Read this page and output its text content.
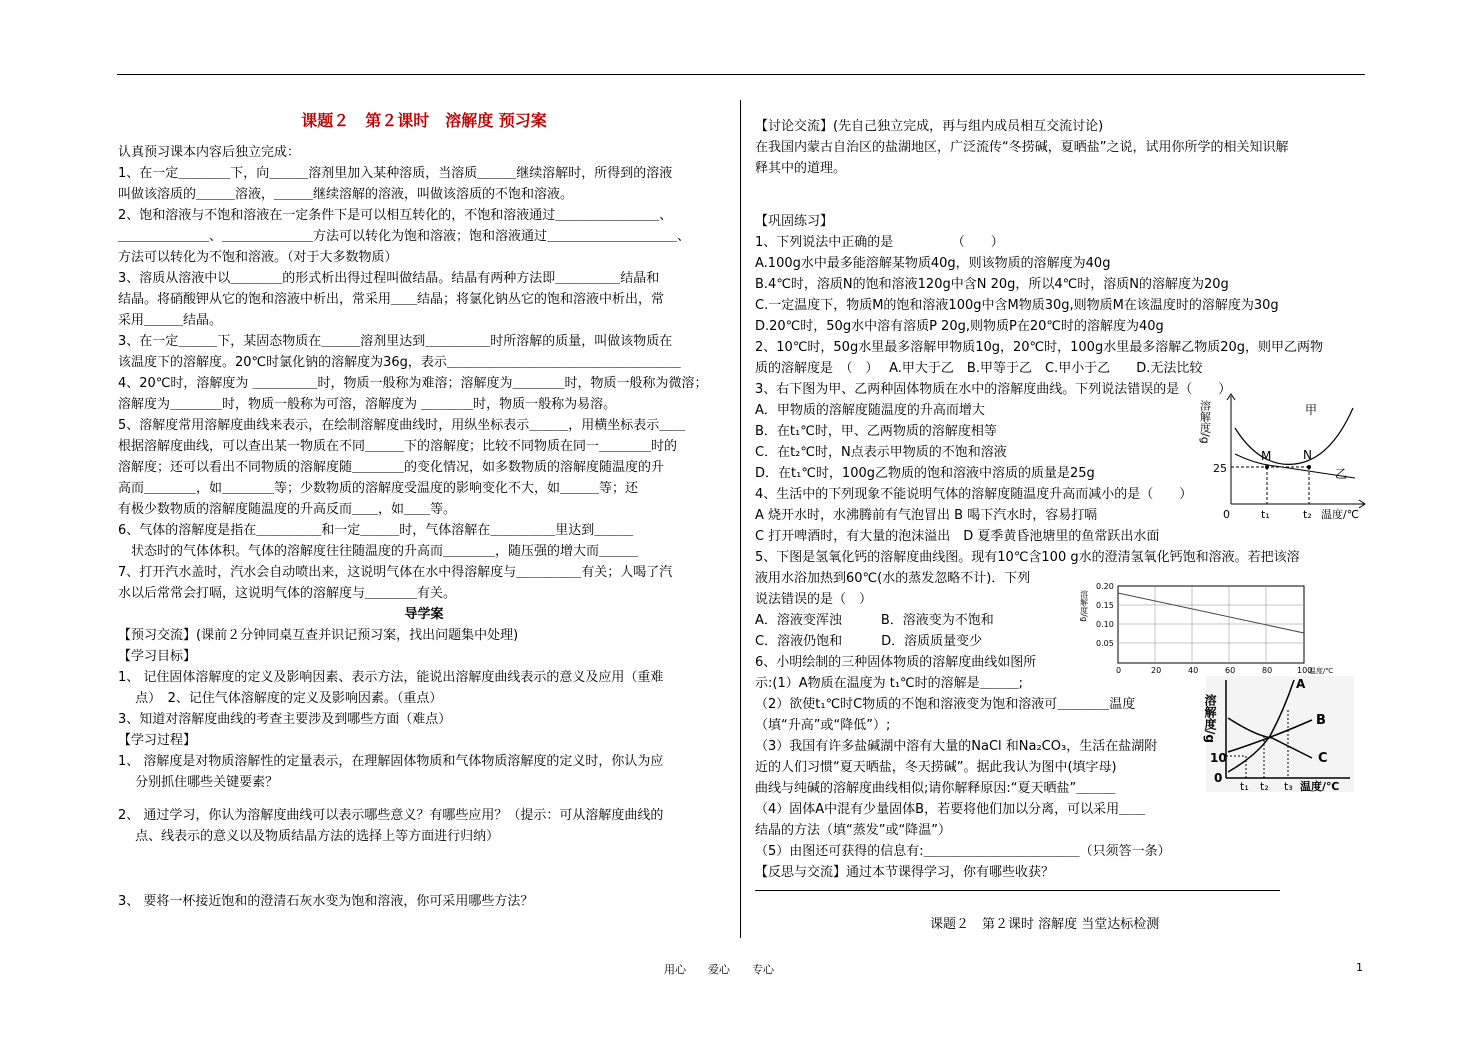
课题２　第２课时　溶解度 预习案

认真预习课本内容后独立完成：

1、在一定＿＿＿＿下，向＿＿＿溶剂里加入某种溶质，当溶质＿＿＿继续溶解时，所得到的溶液

叫做该溶质的＿＿＿溶液，＿＿＿继续溶解的溶液，叫做该溶质的不饱和溶液。

2、饱和溶液与不饱和溶液在一定条件下是可以相互转化的，不饱和溶液通过＿＿＿＿＿＿＿＿、

＿＿＿＿＿＿＿、＿＿＿＿＿＿＿方法可以转化为饱和溶液；饱和溶液通过＿＿＿＿＿＿＿＿＿＿、

方法可以转化为不饱和溶液。（对于大多数物质）

3、溶质从溶液中以＿＿＿＿的形式析出得过程叫做结晶。结晶有两种方法即＿＿＿＿＿结晶和

结晶。将硝酸钾从它的饱和溶液中析出，常采用＿＿结晶；将氯化钠丛它的饱和溶液中析出，常

采用＿＿＿结晶。

3、在一定＿＿＿下，某固态物质在＿＿＿溶剂里达到＿＿＿＿＿时所溶解的质量，叫做该物质在

该温度下的溶解度。20℃时氯化钠的溶解度为36g，表示＿＿＿＿＿＿＿＿＿＿＿＿＿＿＿＿＿＿

4、20℃时，溶解度为 ＿＿＿＿＿时，物质一般称为难溶；溶解度为＿＿＿＿时，物质一般称为微溶；

溶解度为＿＿＿＿时，物质一般称为可溶，溶解度为 ＿＿＿＿时，物质一般称为易溶。

5、溶解度常用溶解度曲线来表示，在绘制溶解度曲线时，用纵坐标表示＿＿＿，用横坐标表示＿＿

根据溶解度曲线，可以查出某一物质在不同＿＿＿下的溶解度；比较不同物质在同一＿＿＿＿时的

溶解度；还可以看出不同物质的溶解度随＿＿＿＿的变化情况，如多数物质的溶解度随温度的升

高而＿＿＿＿，如＿＿＿＿等；少数物质的溶解度受温度的影响变化不大，如＿＿＿等；还

有极少数物质的溶解度随温度的升高反而＿＿，如＿＿等。

6、气体的溶解度是指在＿＿＿＿＿和一定＿＿＿时，气体溶解在＿＿＿＿＿里达到＿＿＿

　状态时的气体体积。气体的溶解度往往随温度的升高而＿＿＿＿，随压强的增大而＿＿＿

7、打开汽水盖时，汽水会自动喷出来，这说明气体在水中得溶解度与＿＿＿＿＿有关；人喝了汽

水以后常常会打嗝，这说明气体的溶解度与＿＿＿＿有关。

导学案

【预习交流】(课前２分钟同桌互查并识记预习案，找出问题集中处理)

【学习目标】

1、 记住固体溶解度的定义及影响因素、表示方法，能说出溶解度曲线表示的意义及应用（重难

　 点）　2、记住气体溶解度的定义及影响因素。（重点）

3、知道对溶解度曲线的考查主要涉及到哪些方面（难点）

【学习过程】

1、 溶解度是对物质溶解性的定量表示，在理解固体物质和气体物质溶解度的定义时，你认为应

　 分别抓住哪些关键要素？

2、 通过学习，你认为溶解度曲线可以表示哪些意义？有哪些应用？（提示：可从溶解度曲线的

　 点、线表示的意义以及物质结晶方法的选择上等方面进行归纳）

3、 要将一杯接近饱和的澄清石灰水变为饱和溶液，你可采用哪些方法？

【讨论交流】(先自己独立完成，再与组内成员相互交流讨论)

在我国内蒙古自治区的盐湖地区，广泛流传“冬捞碱，夏晒盐”之说，试用你所学的相关知识解

释其中的道理。

【巩固练习】

1、下列说法中正确的是　　　　　（　　）

A.100g水中最多能溶解某物质40g，则该物质的溶解度为40g

B.4℃时，溶质N的饱和溶液120g中含N 20g，所以4℃时，溶质N的溶解度为20g

C.一定温度下，物质M的饱和溶液100g中含M物质30g,则物质M在该温度时的溶解度为30g

D.20℃时，50g水中溶有溶质P 20g,则物质P在20℃时的溶解度为40g

2、10℃时，50g水里最多溶解甲物质10g，20℃时，100g水里最多溶解乙物质20g，则甲乙两物

质的溶解度是　（　）　 A.甲大于乙　B.甲等于乙　C.甲小于乙　　D.无法比较

3、右下图为甲、乙两种固体物质在水中的溶解度曲线。下列说法错误的是（　　）

A．甲物质的溶解度随温度的升高而增大

B．在t₁℃时，甲、乙两物质的溶解度相等

C．在t₂℃时，N点表示甲物质的不饱和溶液

D．在t₁℃时，100g乙物质的饱和溶液中溶质的质量是25g

4、生活中的下列现象不能说明气体的溶解度随温度升高而减小的是（　　）

A 烧开水时，水沸腾前有气泡冒出 B 喝下汽水时，容易打嗝

C 打开啤酒时，有大量的泡沫溢出　D 夏季黄昏池塘里的鱼常跃出水面

5、下图是氢氧化钙的溶解度曲线图。现有10℃含100 g水的澄清氢氧化钙饱和溶液。若把该溶

液用水浴加热到60℃(水的蒸发忽略不计)．下列

说法错误的是（　）

A．溶液变浑浊　　　B．溶液变为不饱和

C．溶液仍饱和　　　D．溶质质量变少

6、小明绘制的三种固体物质的溶解度曲线如图所

示:(1）A物质在温度为 t₁℃时的溶解是＿＿＿;

（2）欲使t₁℃时C物质的不饱和溶液变为饱和溶液可＿＿＿＿温度

（填“升高”或“降低”）;

（3）我国有许多盐碱湖中溶有大量的NaCl 和Na₂CO₃，生活在盐湖附

近的人们习惯“夏天晒盐，冬天捞碱”。据此我认为图中(填字母)

曲线与纯碱的溶解度曲线相似;请你解释原因:“夏天晒盐”＿＿＿

（4）固体A中混有少量固体B，若要将他们加以分离，可以采用＿＿

结晶的方法（填“蒸发”或“降温”）

（5）由图还可获得的信息有:＿＿＿＿＿＿＿＿＿＿＿＿（只须答一条）

【反思与交流】通过本节课得学习，你有哪些收获？

课题２　第２课时 溶解度 当堂达标检测

溶解度/g	甲
乙
M	N
25
0	t₁	t₂ 温度/℃
溶解度/g
0.20
0.15
0.10
0.05
0	20	40	60	80	100
温度/℃
溶解度/g
A
B
C
10
0
t₁ t₂ t₃ 温度/℃
用心　　爱心　　专心	1
